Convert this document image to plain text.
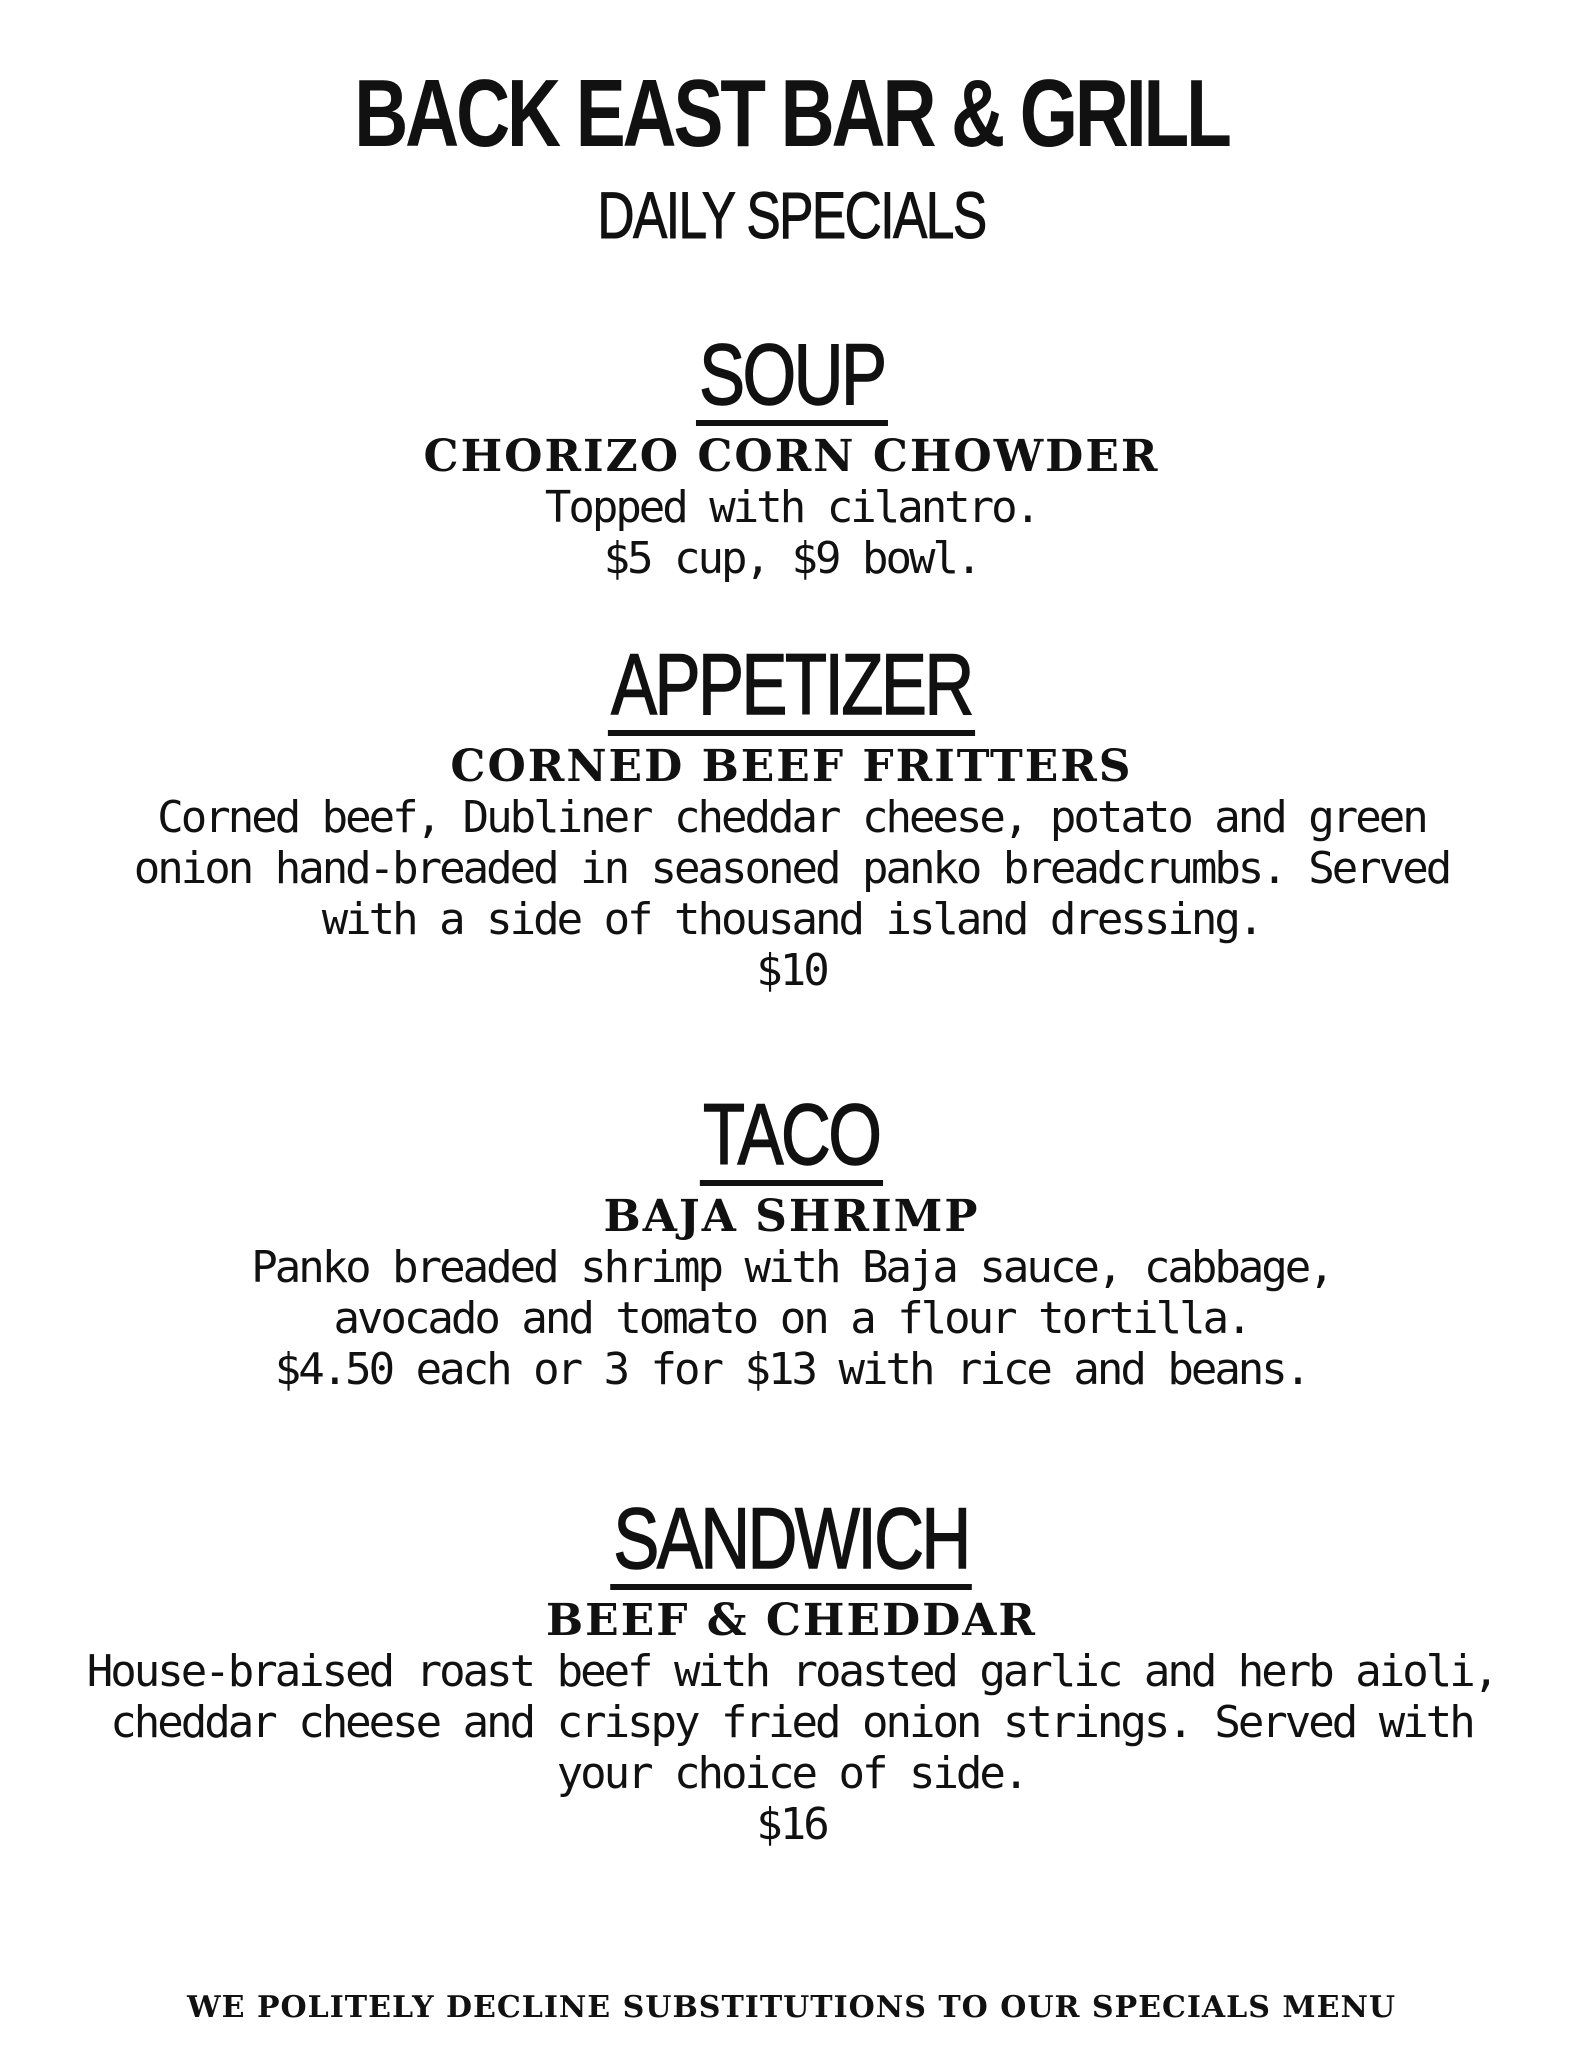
BACK EAST BAR & GRILL
DAILY SPECIALS
SOUP
CHORIZO CORN CHOWDER
Topped with cilantro.
$5 cup, $9 bowl.
APPETIZER
CORNED BEEF FRITTERS
Corned beef, Dubliner cheddar cheese, potato and green onion hand-breaded in seasoned panko breadcrumbs. Served with a side of thousand island dressing.
$10
TACO
BAJA SHRIMP
Panko breaded shrimp with Baja sauce, cabbage, avocado and tomato on a flour tortilla.
$4.50 each or 3 for $13 with rice and beans.
SANDWICH
BEEF & CHEDDAR
House-braised roast beef with roasted garlic and herb aioli, cheddar cheese and crispy fried onion strings. Served with your choice of side.
$16
WE POLITELY DECLINE SUBSTITUTIONS TO OUR SPECIALS MENU
